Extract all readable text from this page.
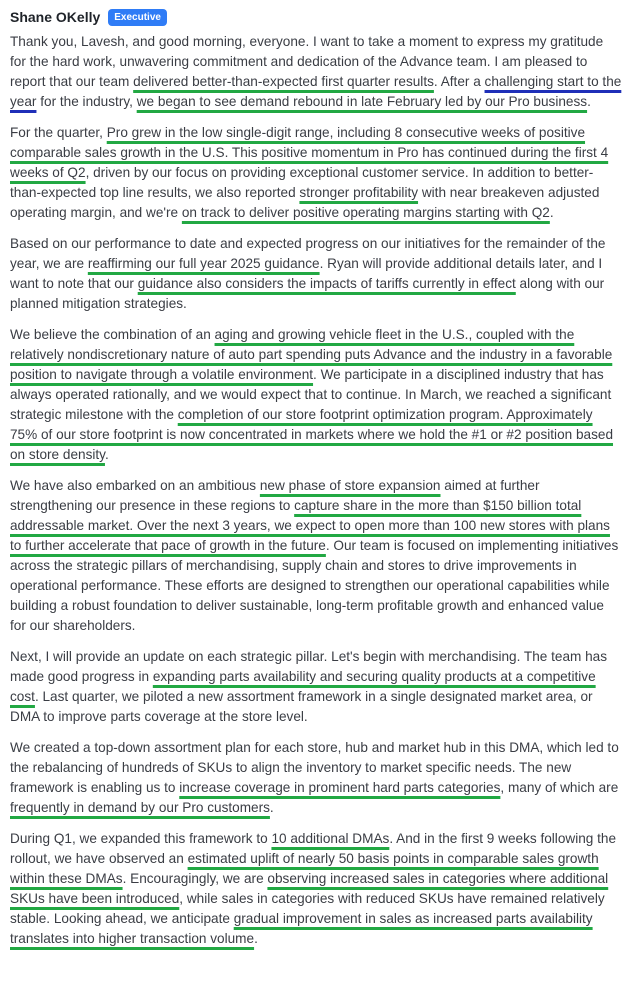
Shane OKelly	Executive

Thank you, Lavesh, and good morning, everyone. I want to take a moment to express my gratitude for the hard work, unwavering commitment and dedication of the Advance team. I am pleased to report that our team delivered better-than-expected first quarter results. After a challenging start to the year for the industry, we began to see demand rebound in late February led by our Pro business.

For the quarter, Pro grew in the low single-digit range, including 8 consecutive weeks of positive comparable sales growth in the U.S. This positive momentum in Pro has continued during the first 4 weeks of Q2, driven by our focus on providing exceptional customer service. In addition to better-than-expected top line results, we also reported stronger profitability with near breakeven adjusted operating margin, and we're on track to deliver positive operating margins starting with Q2.

Based on our performance to date and expected progress on our initiatives for the remainder of the year, we are reaffirming our full year 2025 guidance. Ryan will provide additional details later, and I want to note that our guidance also considers the impacts of tariffs currently in effect along with our planned mitigation strategies.

We believe the combination of an aging and growing vehicle fleet in the U.S., coupled with the relatively nondiscretionary nature of auto part spending puts Advance and the industry in a favorable position to navigate through a volatile environment. We participate in a disciplined industry that has always operated rationally, and we would expect that to continue. In March, we reached a significant strategic milestone with the completion of our store footprint optimization program. Approximately 75% of our store footprint is now concentrated in markets where we hold the #1 or #2 position based on store density.

We have also embarked on an ambitious new phase of store expansion aimed at further strengthening our presence in these regions to capture share in the more than $150 billion total addressable market. Over the next 3 years, we expect to open more than 100 new stores with plans to further accelerate that pace of growth in the future. Our team is focused on implementing initiatives across the strategic pillars of merchandising, supply chain and stores to drive improvements in operational performance. These efforts are designed to strengthen our operational capabilities while building a robust foundation to deliver sustainable, long-term profitable growth and enhanced value for our shareholders.

Next, I will provide an update on each strategic pillar. Let's begin with merchandising. The team has made good progress in expanding parts availability and securing quality products at a competitive cost. Last quarter, we piloted a new assortment framework in a single designated market area, or DMA to improve parts coverage at the store level.

We created a top-down assortment plan for each store, hub and market hub in this DMA, which led to the rebalancing of hundreds of SKUs to align the inventory to market specific needs. The new framework is enabling us to increase coverage in prominent hard parts categories, many of which are frequently in demand by our Pro customers.

During Q1, we expanded this framework to 10 additional DMAs. And in the first 9 weeks following the rollout, we have observed an estimated uplift of nearly 50 basis points in comparable sales growth within these DMAs. Encouragingly, we are observing increased sales in categories where additional SKUs have been introduced, while sales in categories with reduced SKUs have remained relatively stable. Looking ahead, we anticipate gradual improvement in sales as increased parts availability translates into higher transaction volume.
